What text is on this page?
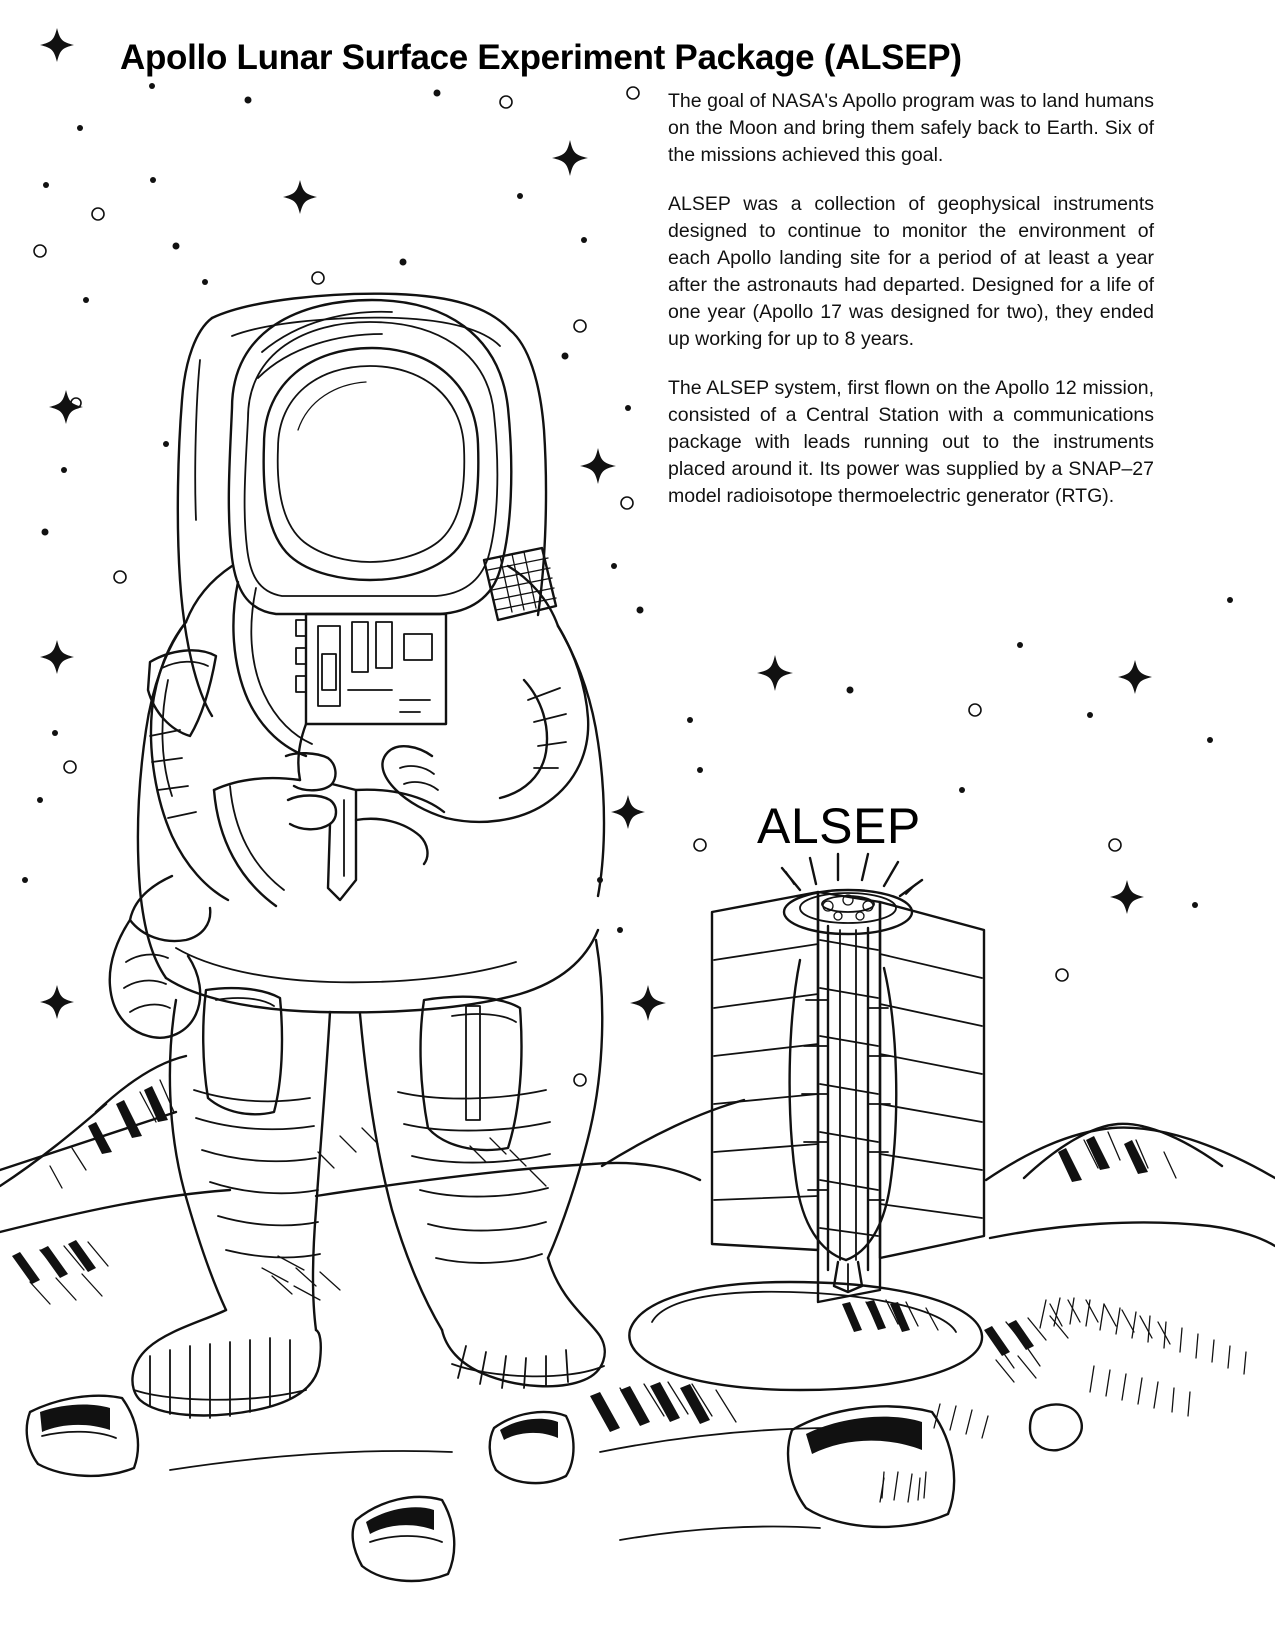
Apollo Lunar Surface Experiment Package (ALSEP)

The goal of NASA's Apollo program was to land humans on the Moon and bring them safely back to Earth. Six of the missions achieved this goal.

ALSEP was a collection of geophysical instruments designed to continue to monitor the environment of each Apollo landing site for a period of at least a year after the astronauts had departed. Designed for a life of one year (Apollo 17 was designed for two), they ended up working for up to 8 years.

The ALSEP system, first flown on the Apollo 12 mission, consisted of a Central Station with a communications package with leads running out to the instruments placed around it. Its power was supplied by a SNAP–27 model radioisotope thermoelectric generator (RTG).

ALSEP
